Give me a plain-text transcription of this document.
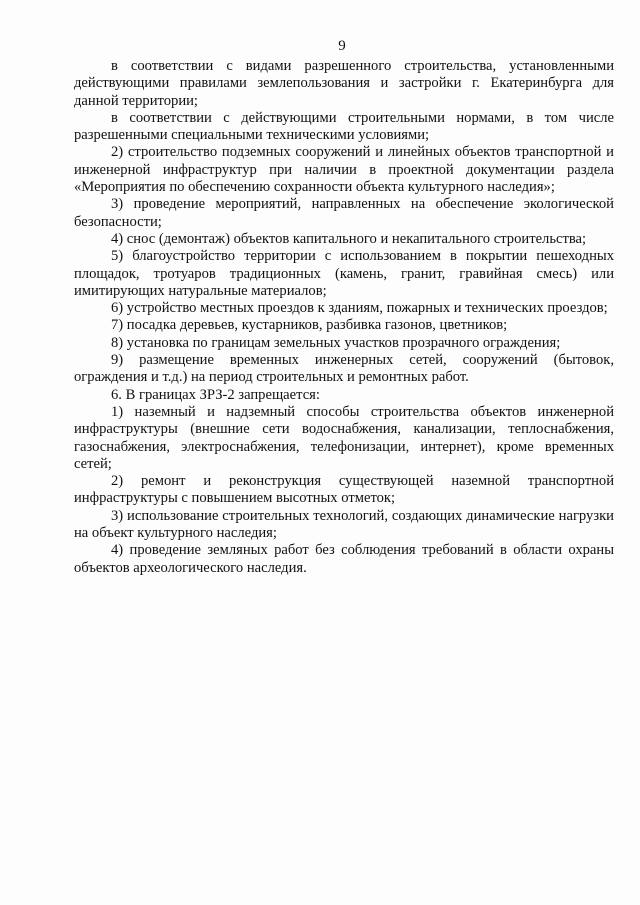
9

в соответствии с видами разрешенного строительства, установленными действующими правилами землепользования и застройки г. Екатеринбурга для данной территории;

в соответствии с действующими строительными нормами, в том числе разрешенными специальными техническими условиями;

2) строительство подземных сооружений и линейных объектов транспортной и инженерной инфраструктур при наличии в проектной документации раздела «Мероприятия по обеспечению сохранности объекта культурного наследия»;

3) проведение мероприятий, направленных на обеспечение экологической безопасности;

4) снос (демонтаж) объектов капитального и некапитального строительства;

5) благоустройство территории с использованием в покрытии пешеходных площадок, тротуаров традиционных (камень, гранит, гравийная смесь) или имитирующих натуральные материалов;

6) устройство местных проездов к зданиям, пожарных и технических проездов;

7) посадка деревьев, кустарников, разбивка газонов, цветников;

8) установка по границам земельных участков прозрачного ограждения;

9) размещение временных инженерных сетей, сооружений (бытовок, ограждения и т.д.) на период строительных и ремонтных работ.

6. В границах ЗРЗ-2 запрещается:

1) наземный и надземный способы строительства объектов инженерной инфраструктуры (внешние сети водоснабжения, канализации, теплоснабжения, газоснабжения, электроснабжения, телефонизации, интернет), кроме временных сетей;

2) ремонт и реконструкция существующей наземной транспортной инфраструктуры с повышением высотных отметок;

3) использование строительных технологий, создающих динамические нагрузки на объект культурного наследия;

4) проведение земляных работ без соблюдения требований в области охраны объектов археологического наследия.
